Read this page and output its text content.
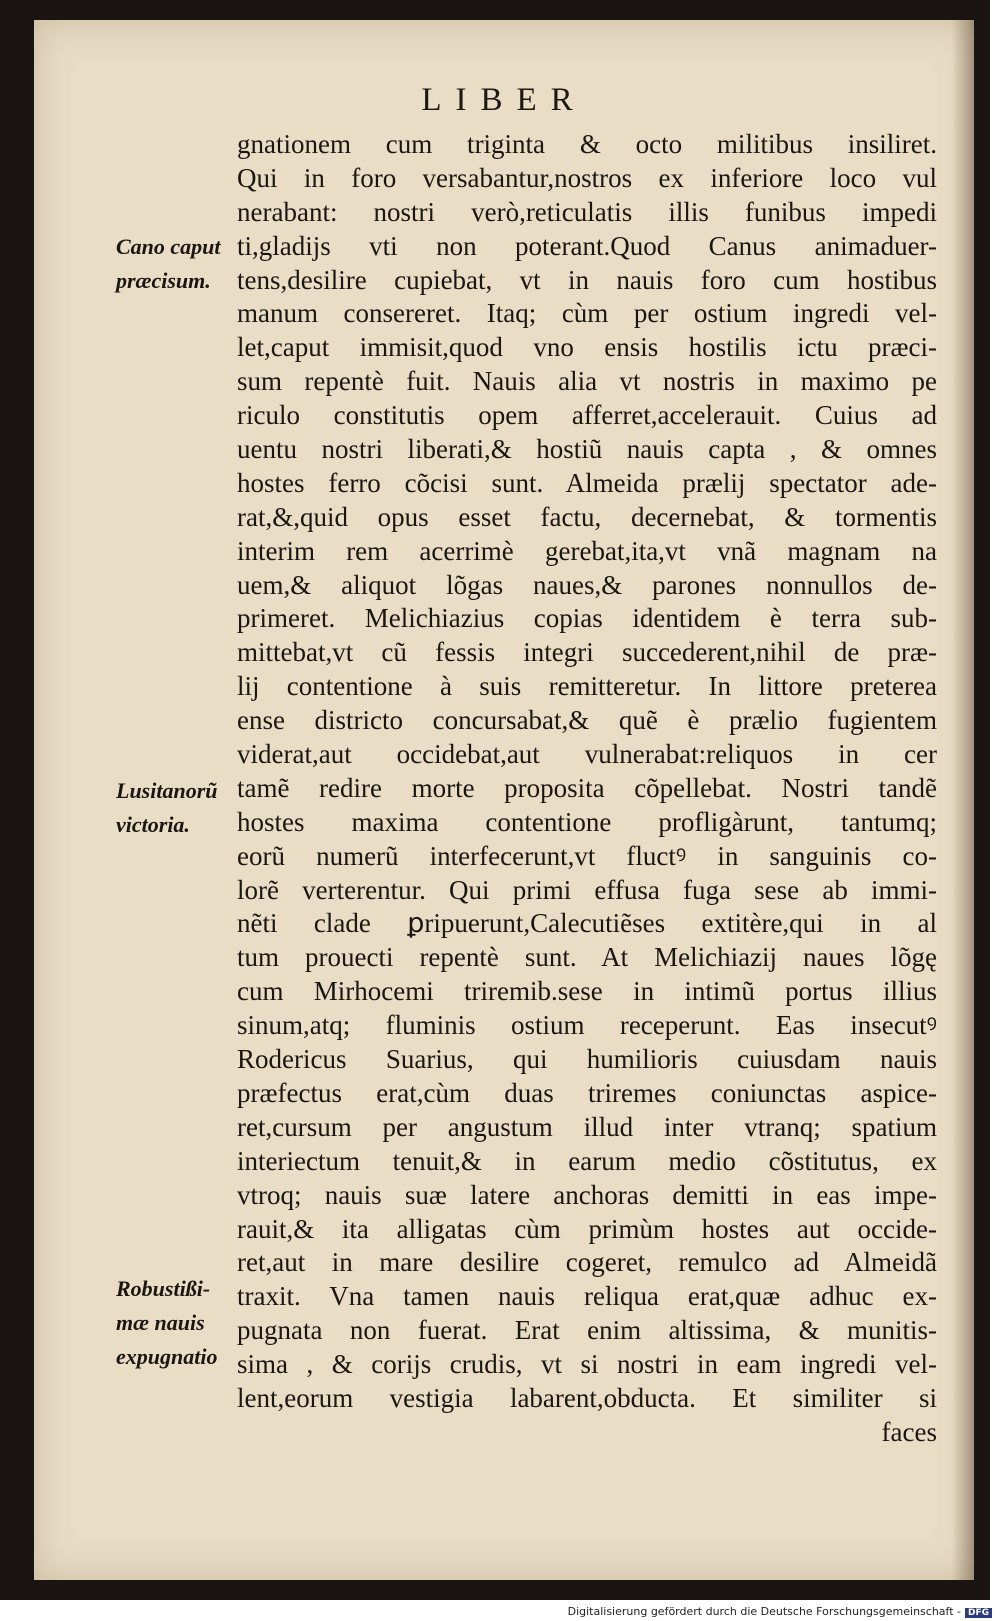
LIBER
gnationem cum triginta & octo militibus insiliret.
Qui in foro versabantur,nostros ex inferiore loco vul
nerabant: nostri verò,reticulatis illis funibus impedi
ti,gladijs vti non poterant.Quod Canus animaduer-
tens,desilire cupiebat, vt in nauis foro cum hostibus
manum consereret. Itaq; cùm per ostium ingredi vel-
let,caput immisit,quod vno ensis hostilis ictu præci-
sum repentè fuit. Nauis alia vt nostris in maximo pe
riculo constitutis opem afferret,accelerauit. Cuius ad
uentu nostri liberati,& hostiũ nauis capta , & omnes
hostes ferro cõcisi sunt. Almeida prælij spectator ade-
rat,&,quid opus esset factu, decernebat, & tormentis
interim rem acerrimè gerebat,ita,vt vnã magnam na
uem,& aliquot lõgas naues,& parones nonnullos de-
primeret. Melichiazius copias identidem è terra sub-
mittebat,vt cũ fessis integri succederent,nihil de præ-
lij contentione à suis remitteretur. In littore preterea
ense districto concursabat,& quẽ è prælio fugientem
viderat,aut occidebat,aut vulnerabat:reliquos in cer
tamẽ redire morte proposita cõpellebat. Nostri tandẽ
hostes maxima contentione profligàrunt, tantumq;
eorũ numerũ interfecerunt,vt fluctꝰ in sanguinis co-
lorẽ verterentur. Qui primi effusa fuga sese ab immi-
nẽti clade ꝑripuerunt,Calecutiẽses extitère,qui in al
tum prouecti repentè sunt. At Melichiazij naues lõgę
cum Mirhocemi triremib.sese in intimũ portus illius
sinum,atq; fluminis ostium receperunt. Eas insecutꝰ
Rodericus Suarius, qui humilioris cuiusdam nauis
præfectus erat,cùm duas triremes coniunctas aspice-
ret,cursum per angustum illud inter vtranq; spatium
interiectum tenuit,& in earum medio cõstitutus, ex
vtroq; nauis suæ latere anchoras demitti in eas impe-
rauit,& ita alligatas cùm primùm hostes aut occide-
ret,aut in mare desilire cogeret, remulco ad Almeidã
traxit. Vna tamen nauis reliqua erat,quæ adhuc ex-
pugnata non fuerat. Erat enim altissima, & munitis-
sima , & corijs crudis, vt si nostri in eam ingredi vel-
lent,eorum vestigia labarent,obducta. Et similiter si
faces
Cano caput
præcisum.
Lusitanorũ
victoria.
Robustißi-
mæ nauis
expugnatio
Digitalisierung gefördert durch die Deutsche Forschungsgemeinschaft - DFG
